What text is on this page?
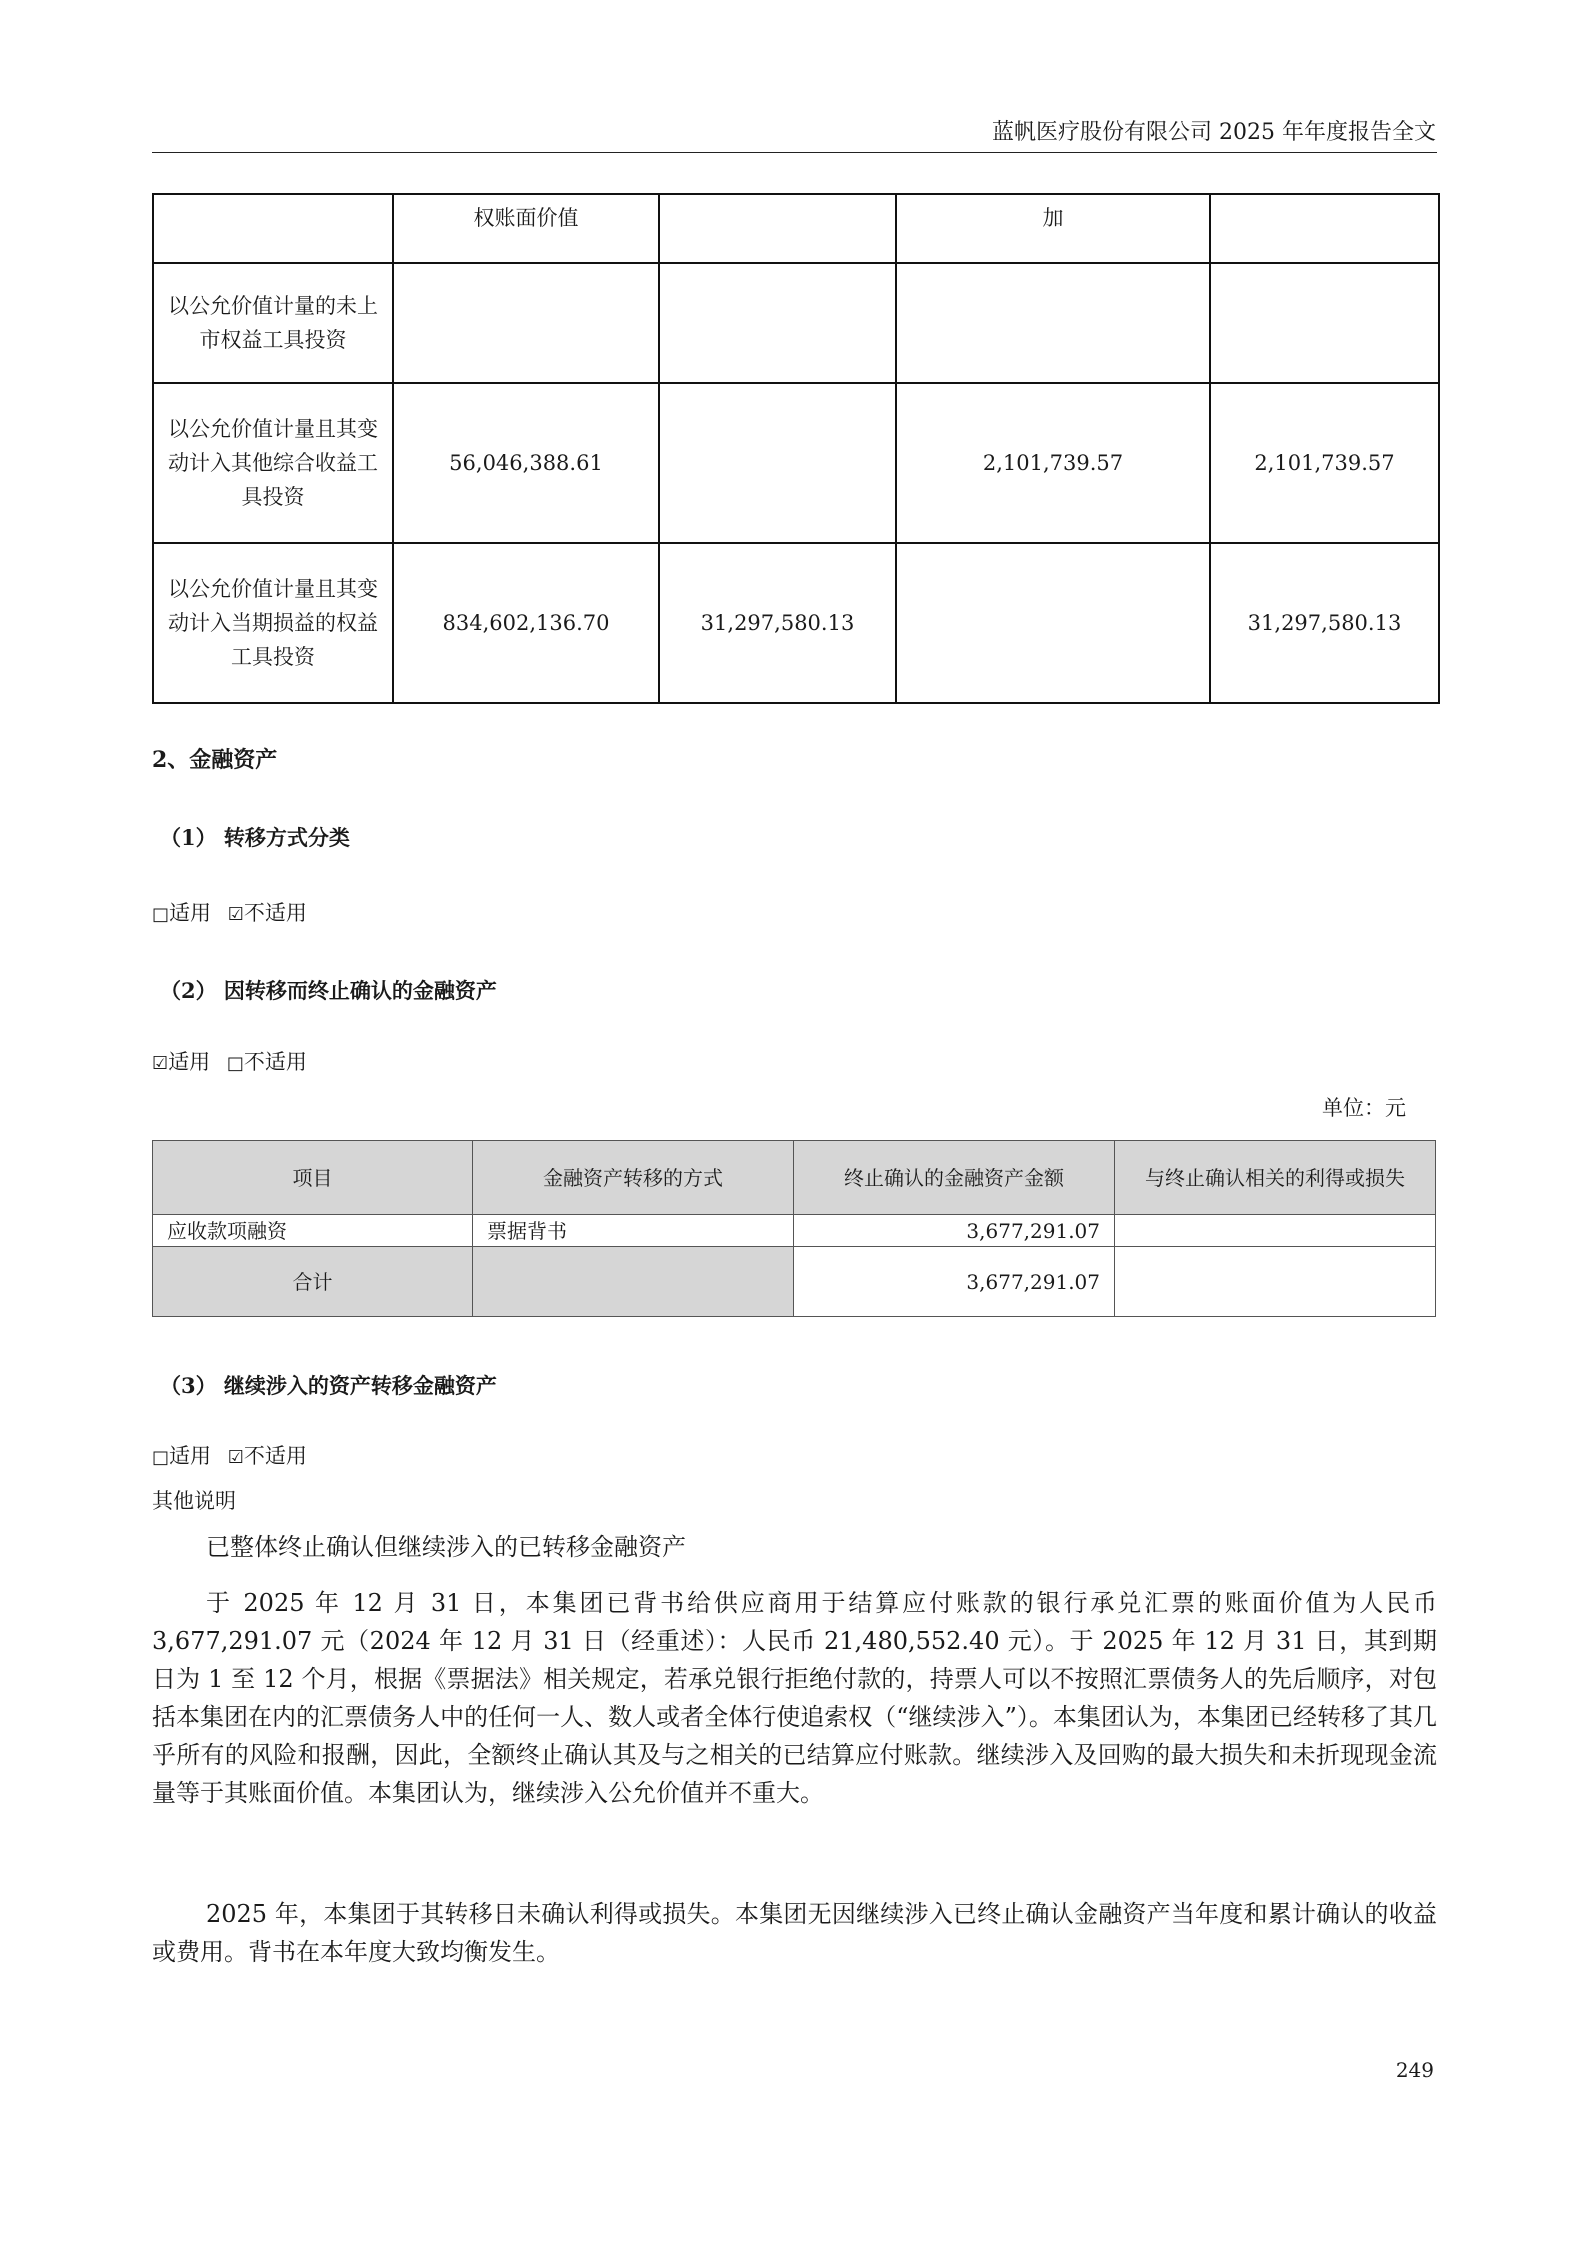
蓝帆医疗股份有限公司 2025 年年度报告全文
	权账面价值		加	
以公允价值计量的未上市权益工具投资				
以公允价值计量且其变动计入其他综合收益工具投资	56,046,388.61		2,101,739.57	2,101,739.57
以公允价值计量且其变动计入当期损益的权益工具投资	834,602,136.70	31,297,580.13		31,297,580.13
2、金融资产
（1） 转移方式分类
□适用 ☑不适用
（2） 因转移而终止确认的金融资产
☑适用 □不适用
单位：元
项目	金融资产转移的方式	终止确认的金融资产金额	与终止确认相关的利得或损失
应收款项融资	票据背书	3,677,291.07	
合计		3,677,291.07	
（3） 继续涉入的资产转移金融资产
□适用 ☑不适用
其他说明
已整体终止确认但继续涉入的已转移金融资产
于 2025 年 12 月 31 日，本集团已背书给供应商用于结算应付账款的银行承兑汇票的账面价值为人民币 3,677,291.07 元（2024 年 12 月 31 日（经重述）：人民币 21,480,552.40 元）。于 2025 年 12 月 31 日，其到期日为 1 至 12 个月，根据《票据法》相关规定，若承兑银行拒绝付款的，持票人可以不按照汇票债务人的先后顺序，对包括本集团在内的汇票债务人中的任何一人、数人或者全体行使追索权（“继续涉入”）。本集团认为，本集团已经转移了其几乎所有的风险和报酬，因此，全额终止确认其及与之相关的已结算应付账款。继续涉入及回购的最大损失和未折现现金流量等于其账面价值。本集团认为，继续涉入公允价值并不重大。
2025 年，本集团于其转移日未确认利得或损失。本集团无因继续涉入已终止确认金融资产当年度和累计确认的收益或费用。背书在本年度大致均衡发生。
249
